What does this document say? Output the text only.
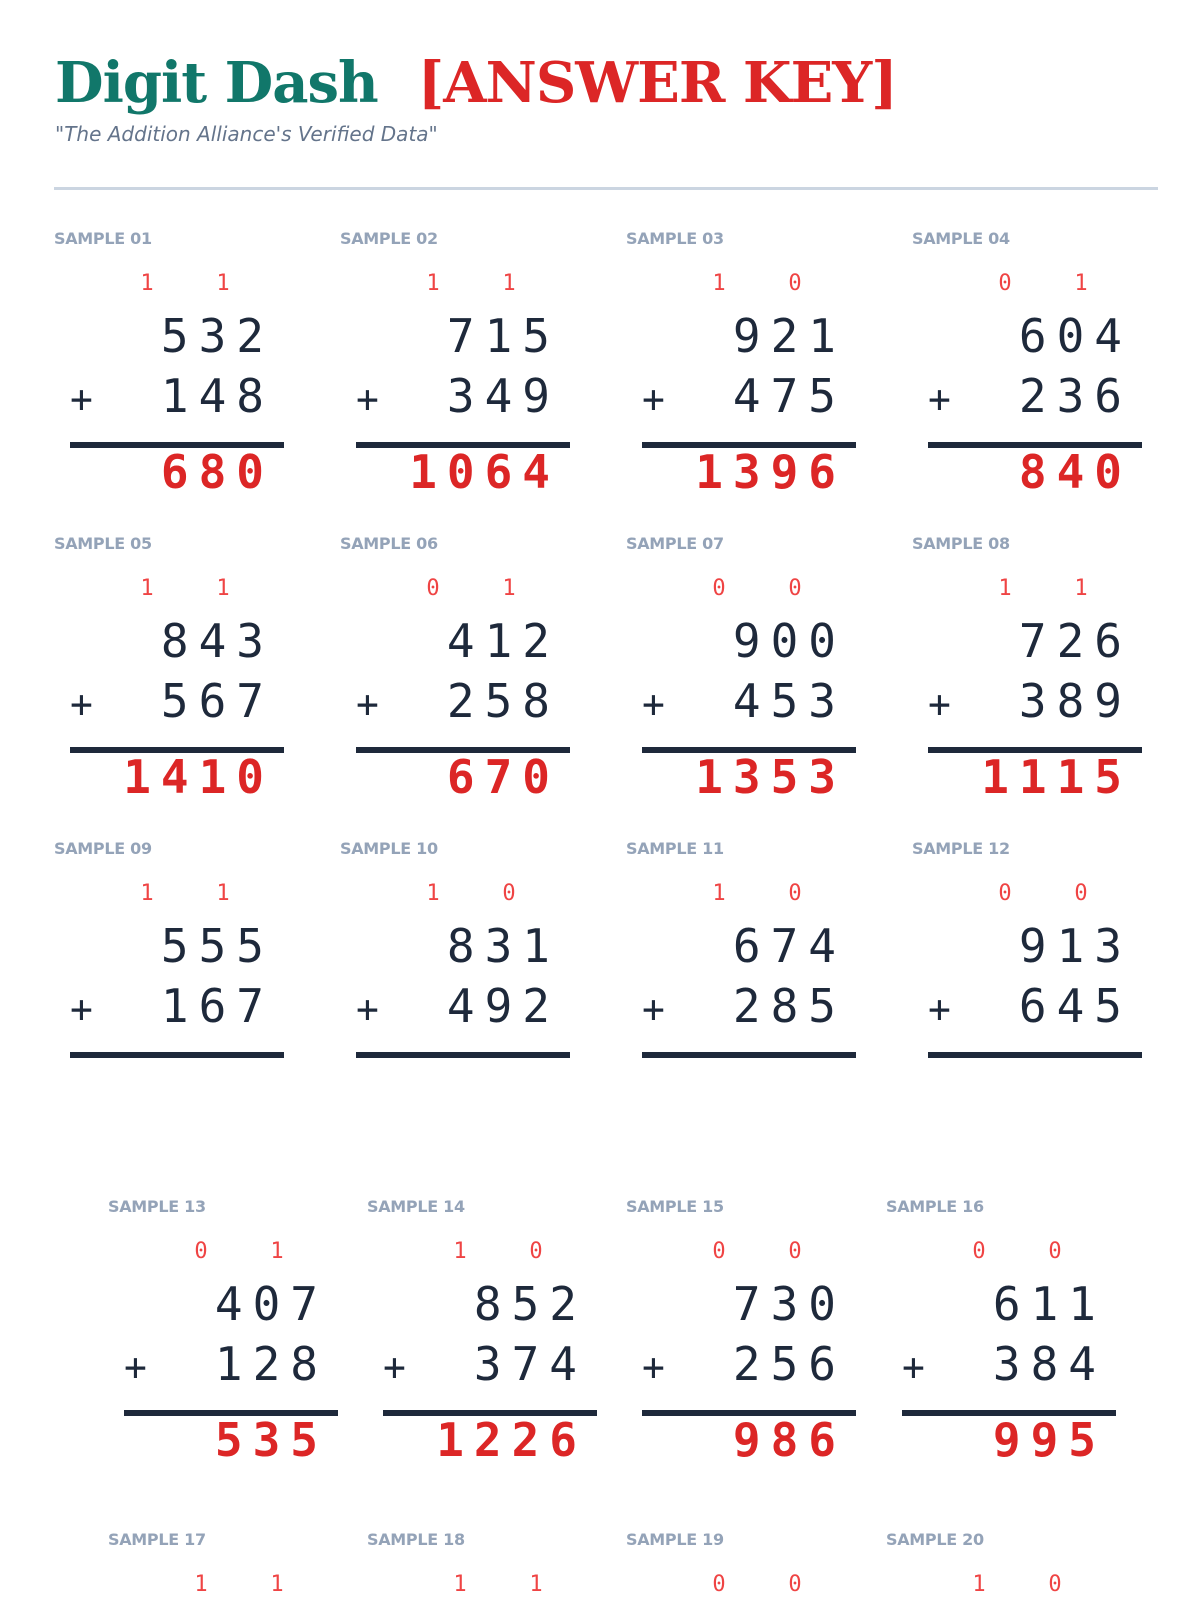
Digit Dash [ANSWER KEY]
"The Addition Alliance's Verified Data"
SAMPLE 01
1	1
532
+	148
680
SAMPLE 02
1	1
715
+	349
1064
SAMPLE 03
1	0
921
+	475
1396
SAMPLE 04
0	1
604
+	236
840
SAMPLE 05
1	1
843
+	567
1410
SAMPLE 06
0	1
412
+	258
670
SAMPLE 07
0	0
900
+	453
1353
SAMPLE 08
1	1
726
+	389
1115
SAMPLE 09
1	1
555
+	167
SAMPLE 10
1	0
831
+	492
SAMPLE 11
1	0
674
+	285
SAMPLE 12
0	0
913
+	645
SAMPLE 13
0	1
407
+	128
535
SAMPLE 14
1	0
852
+	374
1226
SAMPLE 15
0	0
730
+	256
986
SAMPLE 16
0	0
611
+	384
995
SAMPLE 17
1	1
SAMPLE 18
1	1
SAMPLE 19
0	0
SAMPLE 20
1	0
